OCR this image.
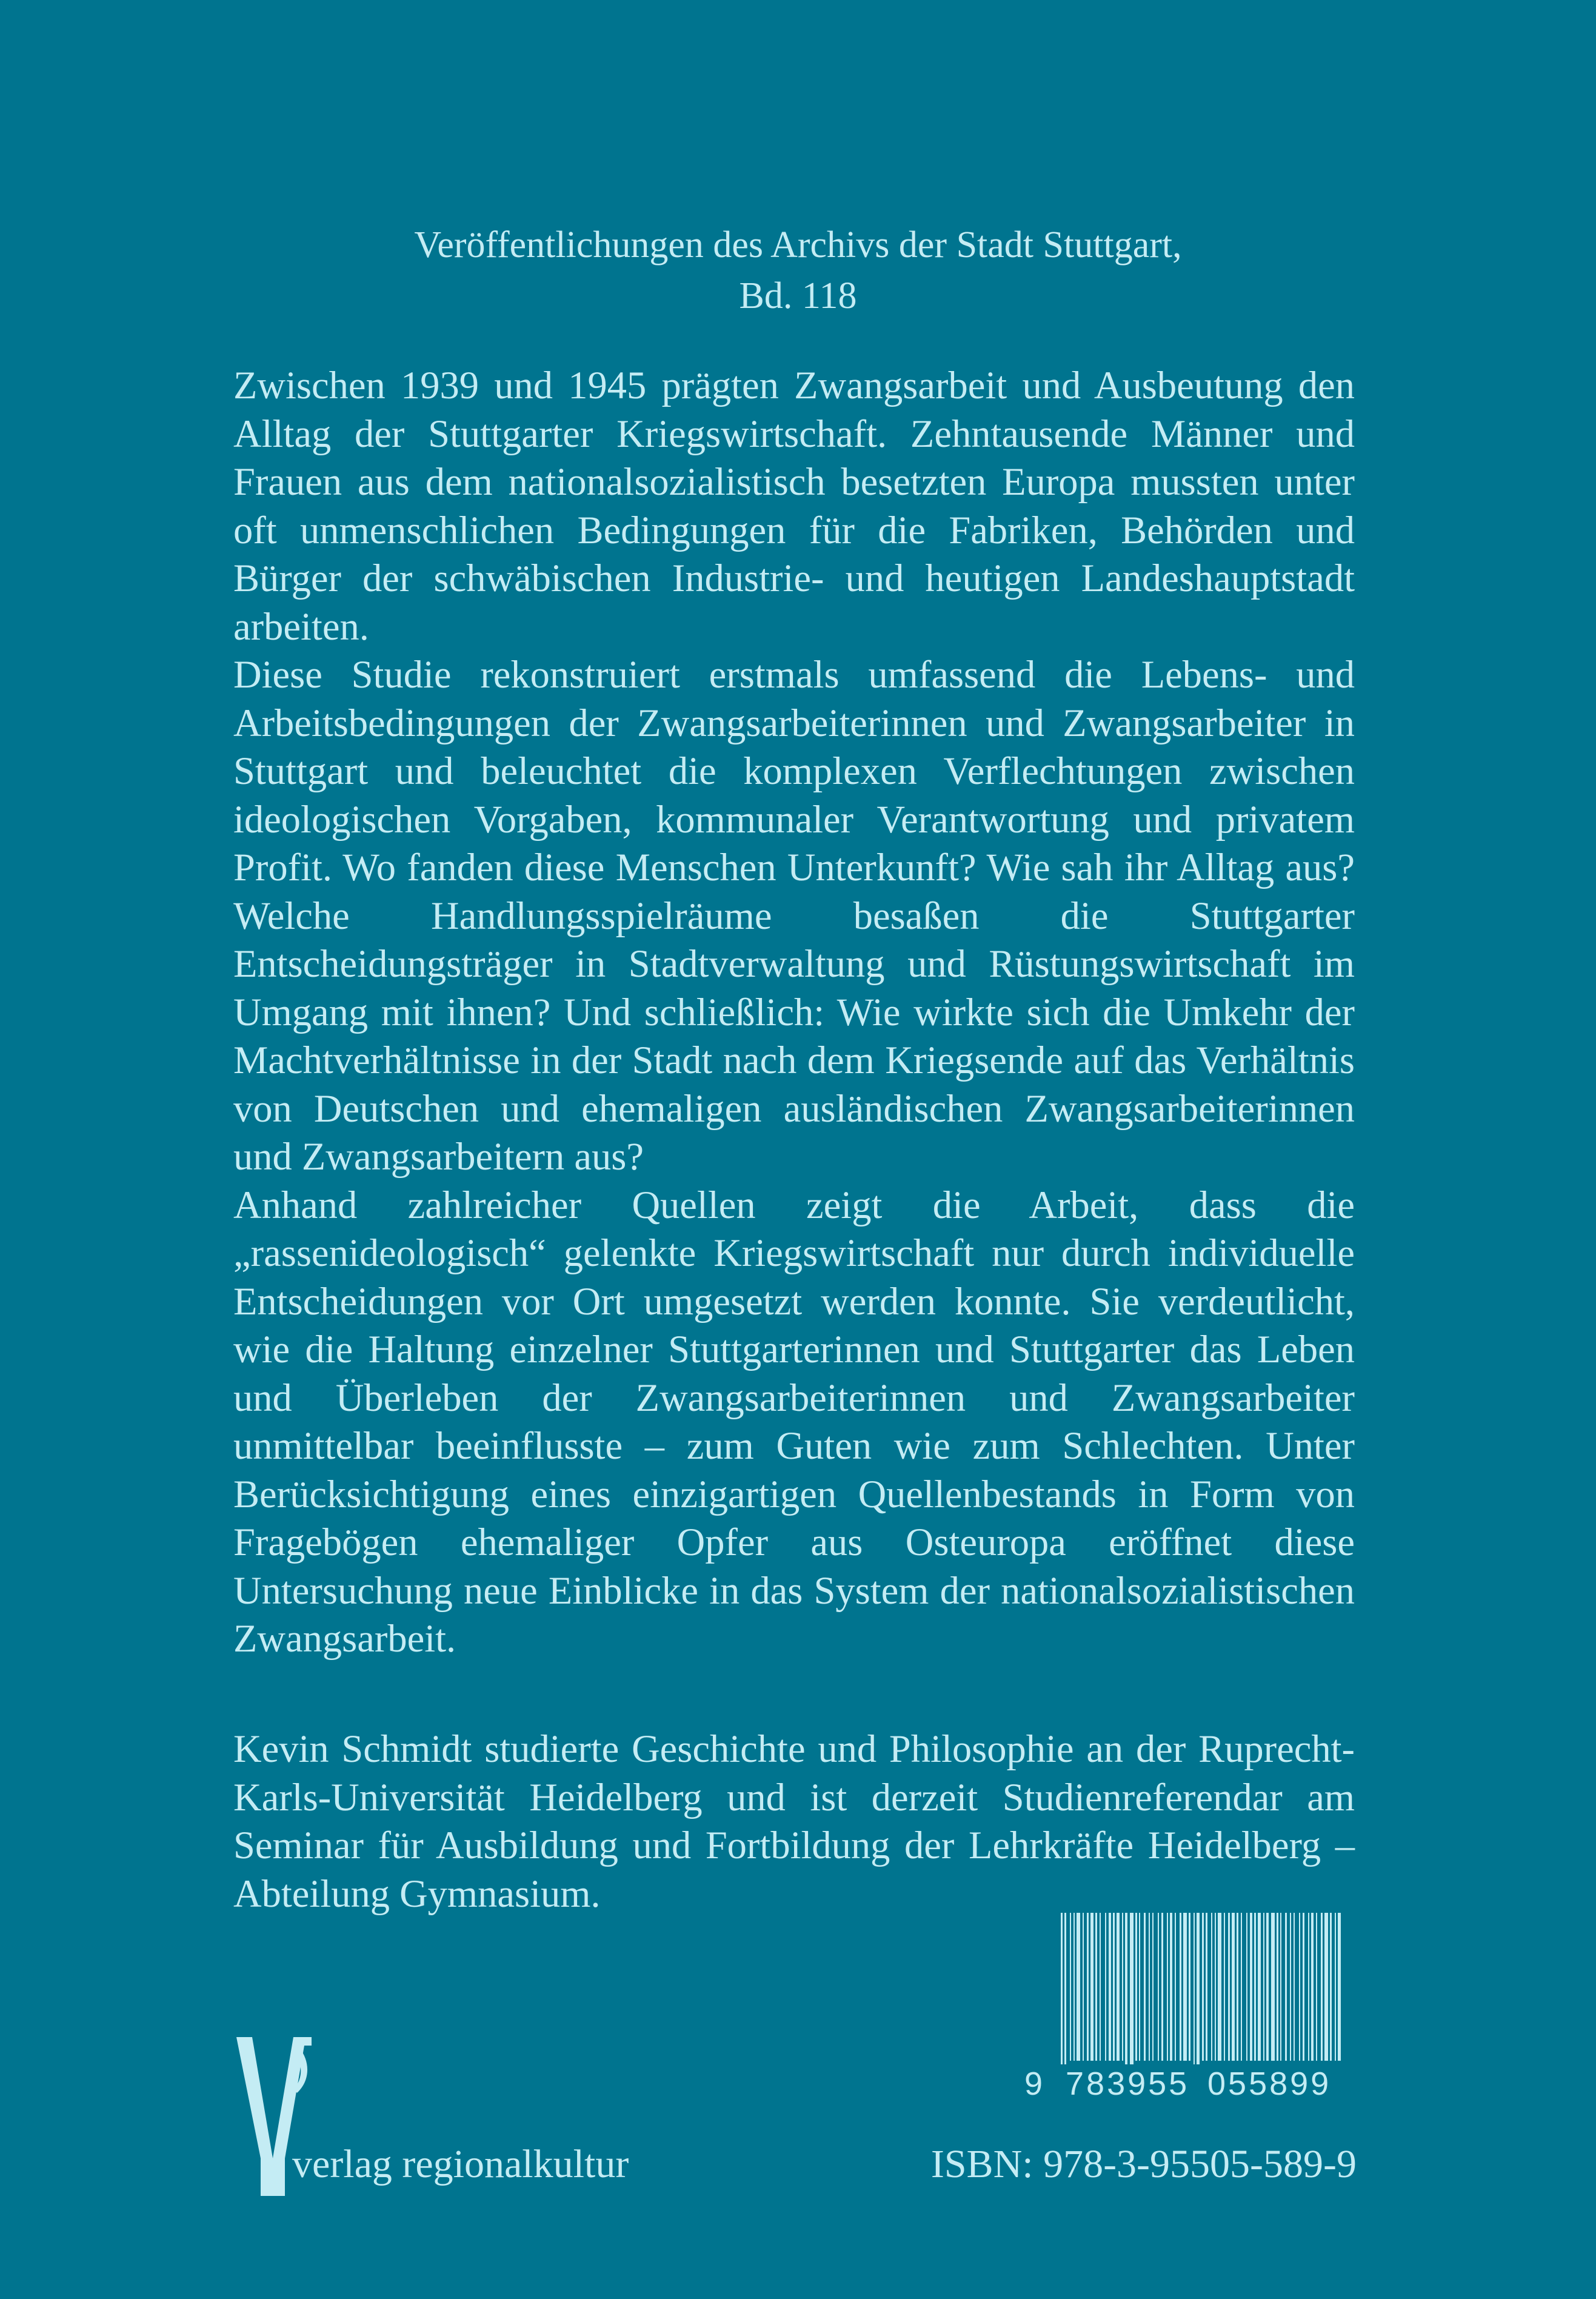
Veröffentlichungen des Archivs der Stadt Stuttgart,
Bd. 118

Zwischen 1939 und 1945 prägten Zwangsarbeit und Ausbeutung den Alltag der Stuttgarter Kriegswirtschaft. Zehntausende Männer und Frauen aus dem nationalsozialistisch besetzten Europa mussten unter oft unmenschlichen Bedingungen für die Fabriken, Behörden und Bürger der schwäbischen Industrie- und heutigen Landeshauptstadt arbeiten.

Diese Studie rekonstruiert erstmals umfassend die Lebens- und Arbeitsbedingungen der Zwangsarbeiterinnen und Zwangsarbeiter in Stuttgart und beleuchtet die komplexen Verflechtungen zwischen ideologischen Vorgaben, kommunaler Verantwortung und privatem Profit. Wo fanden diese Menschen Unterkunft? Wie sah ihr Alltag aus? Welche Handlungsspielräume besaßen die Stuttgarter Entscheidungsträger in Stadtverwaltung und Rüstungswirtschaft im Umgang mit ihnen? Und schließlich: Wie wirkte sich die Umkehr der Machtverhältnisse in der Stadt nach dem Kriegsende auf das Verhältnis von Deutschen und ehemaligen ausländischen Zwangsarbeiterinnen und Zwangsarbeitern aus?

Anhand zahlreicher Quellen zeigt die Arbeit, dass die „rassenideologisch“ gelenkte Kriegswirtschaft nur durch individuelle Entscheidungen vor Ort umgesetzt werden konnte. Sie verdeutlicht, wie die Haltung einzelner Stuttgarterinnen und Stuttgarter das Leben und Überleben der Zwangsarbeiterinnen und Zwangsarbeiter unmittelbar beeinflusste – zum Guten wie zum Schlechten. Unter Berücksichtigung eines einzigartigen Quellenbestands in Form von Fragebögen ehemaliger Opfer aus Osteuropa eröffnet diese Untersuchung neue Einblicke in das System der nationalsozialistischen Zwangsarbeit.

Kevin Schmidt studierte Geschichte und Philosophie an der Ruprecht-Karls-Universität Heidelberg und ist derzeit Studienreferendar am Seminar für Ausbildung und Fortbildung der Lehrkräfte Heidelberg – Abteilung Gymnasium.

9 783955 055899
verlag regionalkultur	ISBN: 978-3-95505-589-9
